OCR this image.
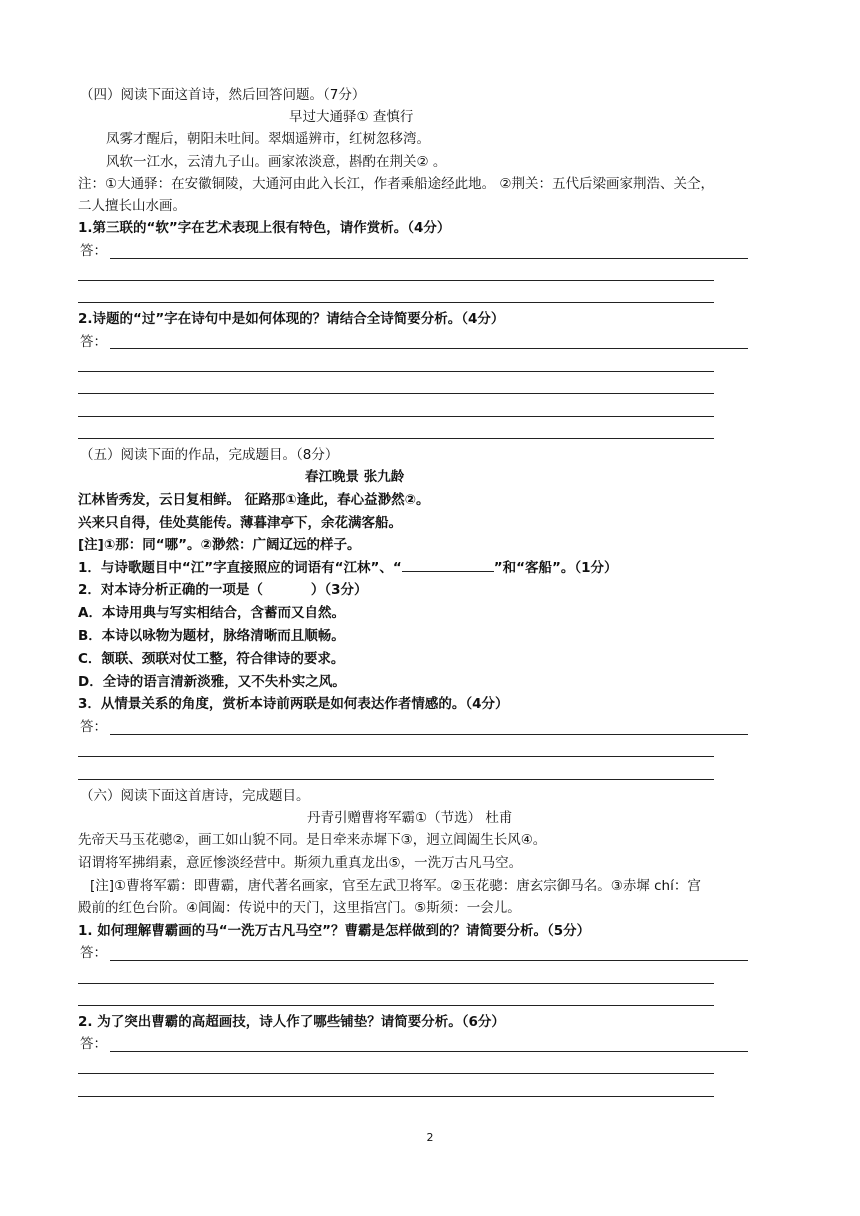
（四）阅读下面这首诗，然后回答问题。（7分）
早过大通驿① 查慎行
凤雾才醒后，朝阳未吐间。翠烟遥辨市，红树忽移湾。
风软一江水，云清九子山。画家浓淡意，斟酌在荆关② 。
注：①大通驿：在安徽铜陵，大通河由此入长江，作者乘船途经此地。 ②荆关：五代后梁画家荆浩、关仝，
二人擅长山水画。
1.第三联的“软”字在艺术表现上很有特色，请作赏析。（4分）
答：
2.诗题的“过”字在诗句中是如何体现的？请结合全诗简要分析。（4分）
答：
（五）阅读下面的作品，完成题目。（8分）
春江晚景 张九龄
江林皆秀发，云日复相鲜。 征路那①逢此，春心益渺然②。
兴来只自得，佳处莫能传。薄暮津亭下，余花满客船。
[注]①那：同“哪”。②渺然：广阔辽远的样子。
1．与诗歌题目中“江”字直接照应的词语有“江林”、“	”和“客船”。（1分）
2．对本诗分析正确的一项是（	）（3分）
A．本诗用典与写实相结合，含蓄而又自然。
B．本诗以咏物为题材，脉络清晰而且顺畅。
C．颔联、颈联对仗工整，符合律诗的要求。
D．全诗的语言清新淡雅，又不失朴实之风。
3．从情景关系的角度，赏析本诗前两联是如何表达作者情感的。（4分）
答：
（六）阅读下面这首唐诗，完成题目。
丹青引赠曹将军霸①（节选） 杜甫
先帝天马玉花骢②，画工如山貌不同。是日牵来赤墀下③，迥立阊阖生长风④。
诏谓将军拂绢素，意匠惨淡经营中。斯须九重真龙出⑤，一洗万古凡马空。
[注]①曹将军霸：即曹霸，唐代著名画家，官至左武卫将军。②玉花骢：唐玄宗御马名。③赤墀 chí：宫
殿前的红色台阶。④阊阖：传说中的天门，这里指宫门。⑤斯须：一会儿。
1. 如何理解曹霸画的马“一洗万古凡马空”？曹霸是怎样做到的？请简要分析。（5分）
答：
2. 为了突出曹霸的高超画技，诗人作了哪些铺垫？请简要分析。（6分）
答：
2
